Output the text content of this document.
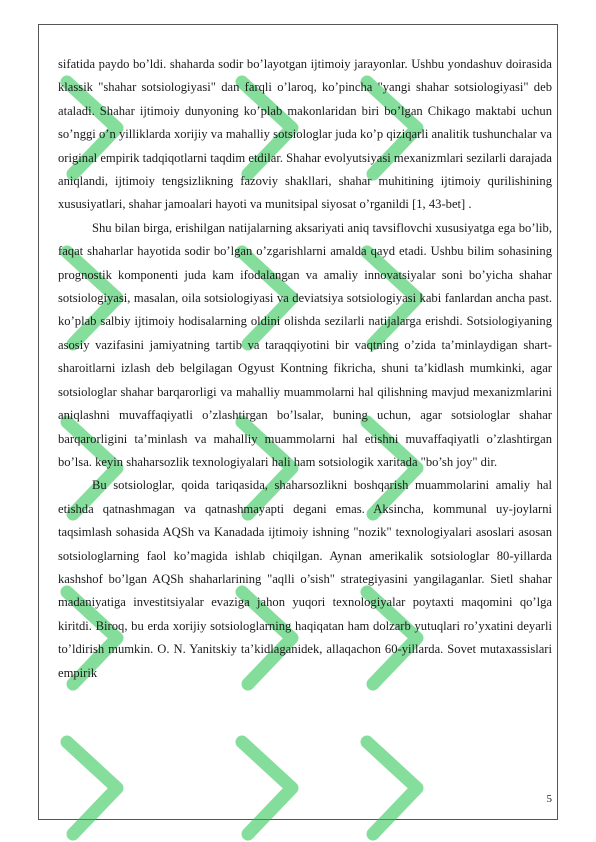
sifatida paydo bo’ldi. shaharda sodir bo’layotgan ijtimoiy jarayonlar. Ushbu yondashuv doirasida klassik "shahar sotsiologiyasi" dan farqli o’laroq, ko’pincha "yangi shahar sotsiologiyasi" deb ataladi. Shahar ijtimoiy dunyoning ko’plab makonlaridan biri bo’lgan Chikago maktabi uchun so’nggi o’n yilliklarda xorijiy va mahalliy sotsiologlar juda ko’p qiziqarli analitik tushunchalar va original empirik tadqiqotlarni taqdim etdilar. Shahar evolyutsiyasi mexanizmlari sezilarli darajada aniqlandi, ijtimoiy tengsizlikning fazoviy shakllari, shahar muhitining ijtimoiy qurilishining xususiyatlari, shahar jamoalari hayoti va munitsipal siyosat o’rganildi [1, 43-bet] .

Shu bilan birga, erishilgan natijalarning aksariyati aniq tavsiflovchi xususiyatga ega bo’lib, faqat shaharlar hayotida sodir bo’lgan o’zgarishlarni amalda qayd etadi. Ushbu bilim sohasining prognostik komponenti juda kam ifodalangan va amaliy innovatsiyalar soni bo’yicha shahar sotsiologiyasi, masalan, oila sotsiologiyasi va deviatsiya sotsiologiyasi kabi fanlardan ancha past. ko’plab salbiy ijtimoiy hodisalarning oldini olishda sezilarli natijalarga erishdi. Sotsiologiyaning asosiy vazifasini jamiyatning tartib va taraqqiyotini bir vaqtning o’zida ta’minlaydigan shart-sharoitlarni izlash deb belgilagan Ogyust Kontning fikricha, shuni ta’kidlash mumkinki, agar sotsiologlar shahar barqarorligi va mahalliy muammolarni hal qilishning mavjud mexanizmlarini aniqlashni muvaffaqiyatli o’zlashtirgan bo’lsalar, buning uchun, agar sotsiologlar shahar barqarorligini ta’minlash va mahalliy muammolarni hal etishni muvaffaqiyatli o’zlashtirgan bo’lsa. keyin shaharsozlik texnologiyalari hali ham sotsiologik xaritada "bo’sh joy" dir.

Bu sotsiologlar, qoida tariqasida, shaharsozlikni boshqarish muammolarini amaliy hal etishda qatnashmagan va qatnashmayapti degani emas. Aksincha, kommunal uy-joylarni taqsimlash sohasida AQSh va Kanadada ijtimoiy ishning "nozik" texnologiyalari asoslari asosan sotsiologlarning faol ko’magida ishlab chiqilgan. Aynan amerikalik sotsiologlar 80-yillarda kashshof bo’lgan AQSh shaharlarining "aqlli o’sish" strategiyasini yangilaganlar. Sietl shahar madaniyatiga investitsiyalar evaziga jahon yuqori texnologiyalar poytaxti maqomini qo’lga kiritdi. Biroq, bu erda xorijiy sotsiologlarning haqiqatan ham dolzarb yutuqlari ro’yxatini deyarli to’ldirish mumkin. O. N. Yanitskiy ta’kidlaganidek, allaqachon 60-yillarda. Sovet mutaxassislari empirik

5
